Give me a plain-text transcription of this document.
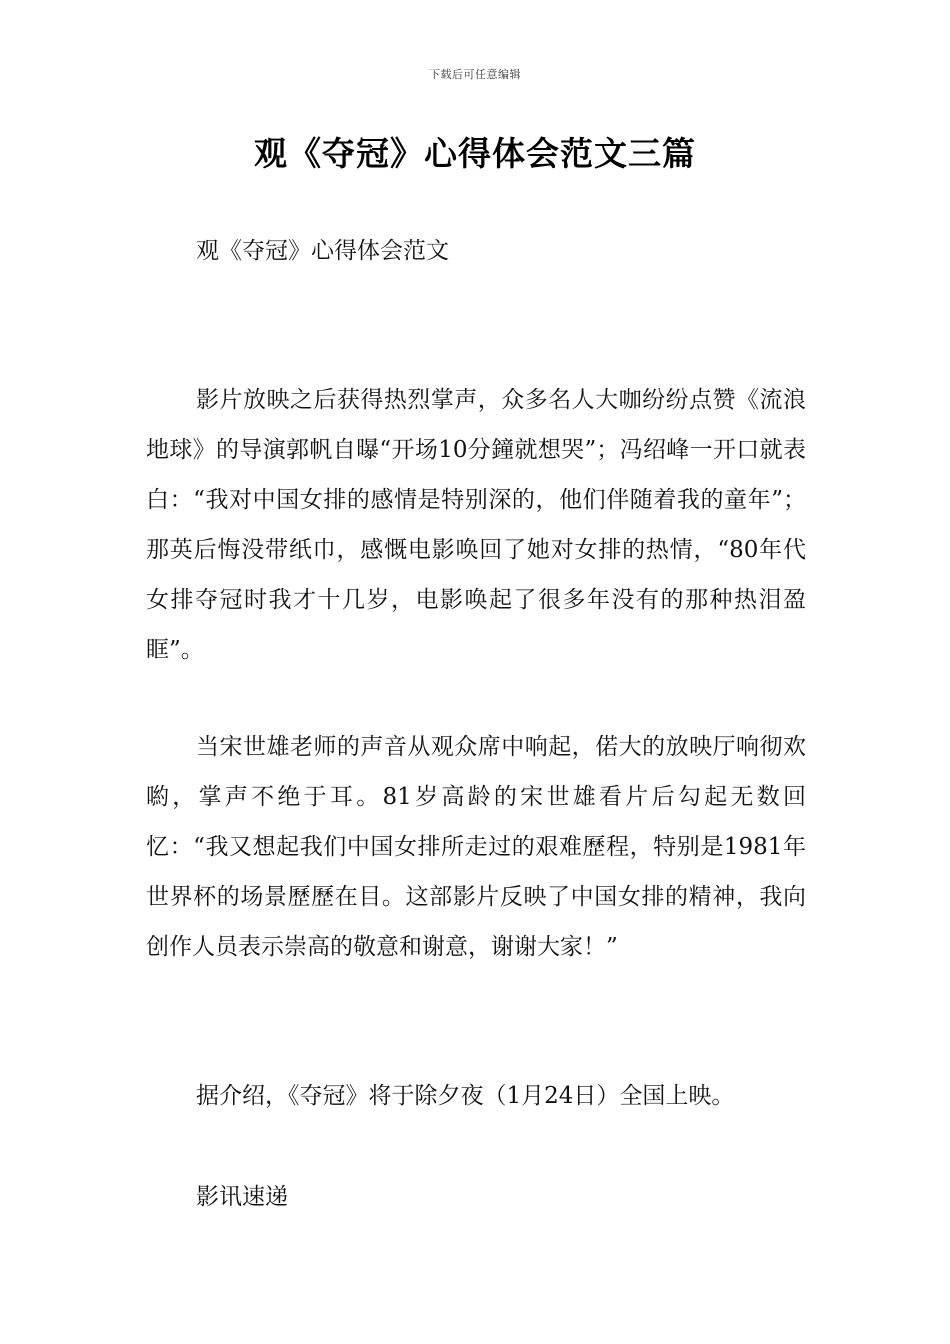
下载后可任意编辑
观《夺冠》心得体会范文三篇

观《夺冠》心得体会范文

影片放映之后获得热烈掌声，众多名人大咖纷纷点赞《流浪地球》的导演郭帆自曝“开场10分鐘就想哭”；冯绍峰一开口就表白：“我对中国女排的感情是特别深的，他们伴随着我的童年”；那英后悔没带纸巾，感慨电影唤回了她对女排的热情，“80年代女排夺冠时我才十几岁，电影唤起了很多年没有的那种热泪盈眶”。

当宋世雄老师的声音从观众席中响起，偌大的放映厅响彻欢喲，掌声不绝于耳。81岁高龄的宋世雄看片后勾起无数回忆：“我又想起我们中国女排所走过的艰难歷程，特别是1981年世界杯的场景歷歷在目。这部影片反映了中国女排的精神，我向创作人员表示崇高的敬意和谢意，谢谢大家！”

据介绍，《夺冠》将于除夕夜（1月24日）全国上映。

影讯速递
